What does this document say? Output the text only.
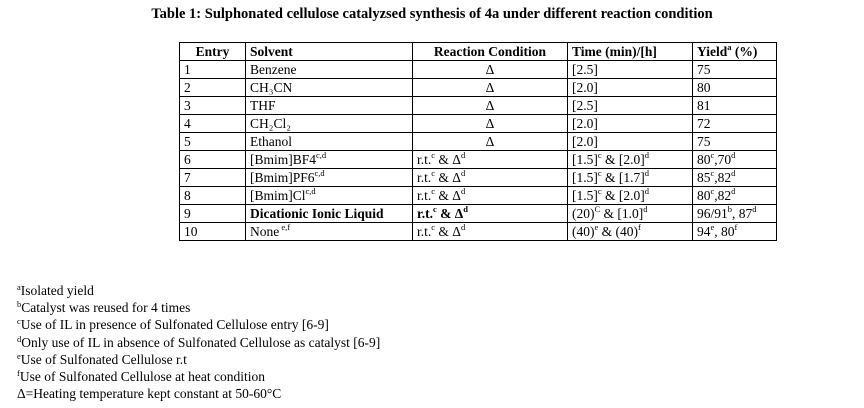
Table 1: Sulphonated cellulose catalyzsed synthesis of 4a under different reaction condition
Entry	Solvent	Reaction Condition	Time (min)/[h]	Yield$^a$ (%)
1	Benzene	Δ	[2.5]	75
2	CH₃CN	Δ	[2.0]	80
3	THF	Δ	[2.5]	81
4	CH₂Cl₂	Δ	[2.0]	72
5	Ethanol	Δ	[2.0]	75
6	[Bmim]BF4$^{c,d}$	r.t.$^c$ & $\Delta^d$	$[1.5]^c$ & $[2.0]^d$	80$^c$,70$^d$
7	[Bmim]PF6$^{c,d}$	r.t.$^c$ & $\Delta^d$	$[1.5]^c$ & $[1.7]^d$	85$^c$,82$^d$
8	[Bmim]Cl$^{c,d}$	r.t.$^c$ & $\Delta^d$	$[1.5]^c$ & $[2.0]^d$	80$^c$,82$^d$
9	Dicationic Ionic Liquid	r.t.$^c$ & $\Delta^d$	$(20)^C$ & $[1.0]^d$	96/91$^b$, 87$^d$
10	None $^{e,f}$	r.t.$^c$ & $\Delta^d$	$(40)^e$ & $(40)^f$	94e, 80$^f$
$^a$Isolated yield
$^b$Catalyst was reused for 4 times
$^c$Use of IL in presence of Sulfonated Cellulose entry [6-9]
$^d$Only use of IL in absence of Sulfonated Cellulose as catalyst [6-9]
$^e$Use of Sulfonated Cellulose r.t
$^f$Use of Sulfonated Cellulose at heat condition
Δ=Heating temperature kept constant at 50-60°C
